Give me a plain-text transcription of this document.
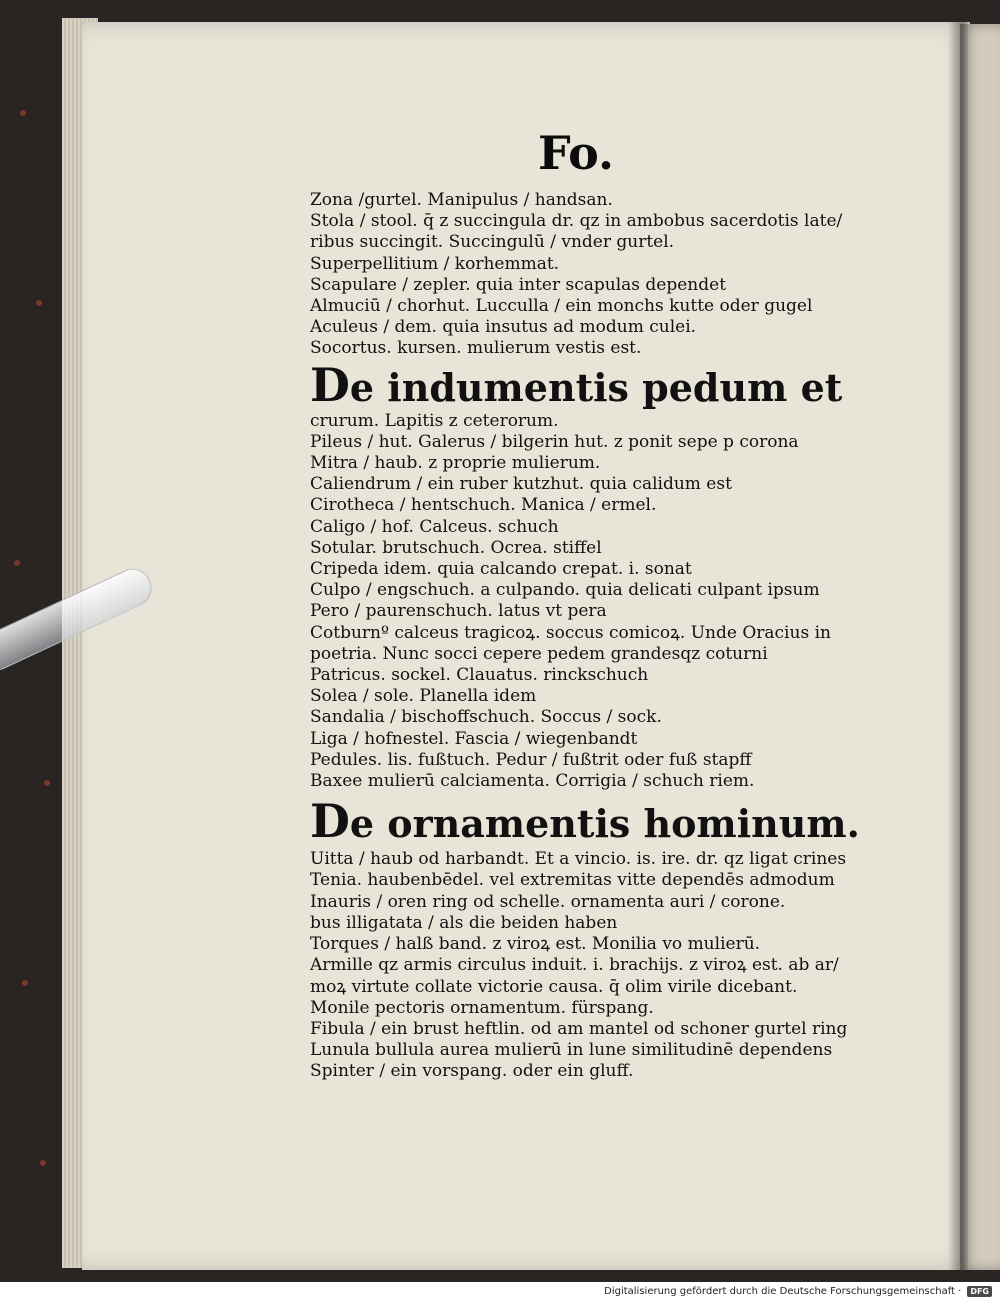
Fo.
Zona /gurtel. Manipulus / handsan.
Stola / stool. q̄ z succingula dr. qz in ambobus sacerdotis late/
ribus succingit. Succingulū / vnder gurtel.
Superpellitium / korhemmat.
Scapulare / zepler. quia inter scapulas dependet
Almuciū / chorhut. Lucculla / ein monchs kutte oder gugel
Aculeus / dem. quia insutus ad modum culei.
Socortus. kursen. mulierum vestis est.
De indumentis pedum et
crurum. Lapitis z ceterorum.
Pileus / hut. Galerus / bilgerin hut. z ponit sepe p corona
Mitra / haub. z proprie mulierum.
Caliendrum / ein ruber kutzhut. quia calidum est
Cirotheca / hentschuch. Manica / ermel.
Caligo / hof. Calceus. schuch
Sotular. brutschuch. Ocrea. stiffel
Cripeda idem. quia calcando crepat. i. sonat
Culpo / engschuch. a culpando. quia delicati culpant ipsum
Pero / paurenschuch. latus vt pera
Cotburnº calceus tragicoꝝ. soccus comicoꝝ. Unde Oracius in
poetria. Nunc socci cepere pedem grandesqz coturni
Patricus. sockel. Clauatus. rinckschuch
Solea / sole. Planella idem
Sandalia / bischoffschuch. Soccus / sock.
Liga / hofnestel. Fascia / wiegenbandt
Pedules. lis. fußtuch. Pedur / fußtrit oder fuß stapff
Baxee mulierū calciamenta. Corrigia / schuch riem.
De ornamentis hominum.
Uitta / haub od̄ harbandt. Et a vincio. is. ire. dr. qz ligat crines
Tenia. haubenbēdel. vel extremitas vitte dependēs admodum
Inauris / oren ring od̄ schelle. ornamenta auri / corone.
bus illigatata / als die beiden haben
Torques / halß band. z viroꝝ est. Monilia vo mulierū.
Armille qz armis circulus induit. i. brachijs. z viroꝝ est. ab ar/
moꝝ virtute collate victorie causa. q̄ olim virile dicebant.
Monile pectoris ornamentum. fürspang.
Fibula / ein brust heftlin. od̄ am mantel od̄ schoner gurtel ring
Lunula bullula aurea mulierū in lune similitudinē dependens
Spinter / ein vorspang. oder ein gluff.
Digitalisierung gefördert durch die Deutsche Forschungsgemeinschaft ·	DFG
